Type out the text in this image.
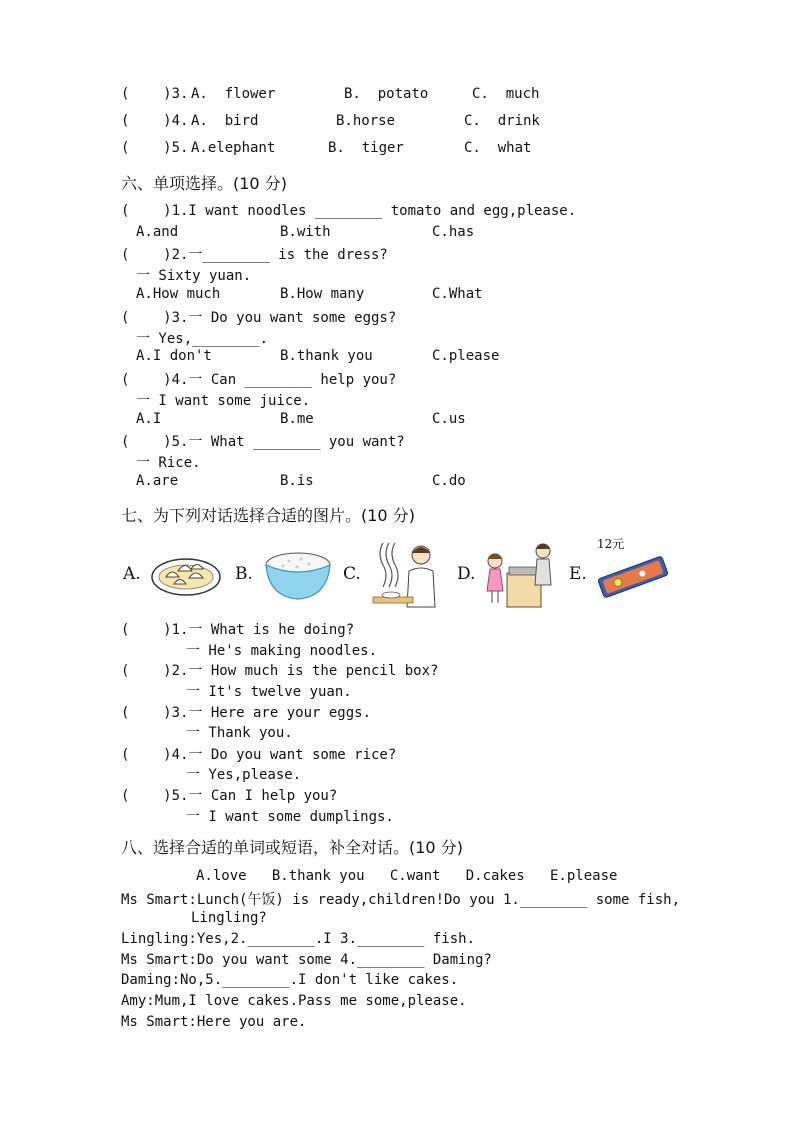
(    )3. A.  flower	B.  potato	C.  much
(    )4. A.  bird	B.horse	C.  drink
(    )5. A.elephant	B.  tiger	C.  what
六、单项选择。(10 分)
(    )1.I want noodles ________ tomato and egg,please.
A.and	B.with	C.has
(    )2.一________ is the dress?
一 Sixty yuan.
A.How much	B.How many	C.What
(    )3.一 Do you want some eggs?
一 Yes,________.
A.I don't	B.thank you	C.please
(    )4.一 Can ________ help you?
一 I want some juice.
A.I	B.me	C.us
(    )5.一 What ________ you want?
一 Rice.
A.are	B.is	C.do
七、为下列对话选择合适的图片。(10 分)
A.	B.	C.	D.	E.
12元
(    )1.一 What is he doing?
一 He's making noodles.
(    )2.一 How much is the pencil box?
一 It's twelve yuan.
(    )3.一 Here are your eggs.
一 Thank you.
(    )4.一 Do you want some rice?
一 Yes,please.
(    )5.一 Can I help you?
一 I want some dumplings.
八、选择合适的单词或短语，补全对话。(10 分)
A.love   B.thank you   C.want   D.cakes   E.please
Ms Smart:Lunch(午饭) is ready,children!Do you 1.________ some fish,
Lingling?
Lingling:Yes,2.________.I 3.________ fish.
Ms Smart:Do you want some 4.________ Daming?
Daming:No,5.________.I don't like cakes.
Amy:Mum,I love cakes.Pass me some,please.
Ms Smart:Here you are.
